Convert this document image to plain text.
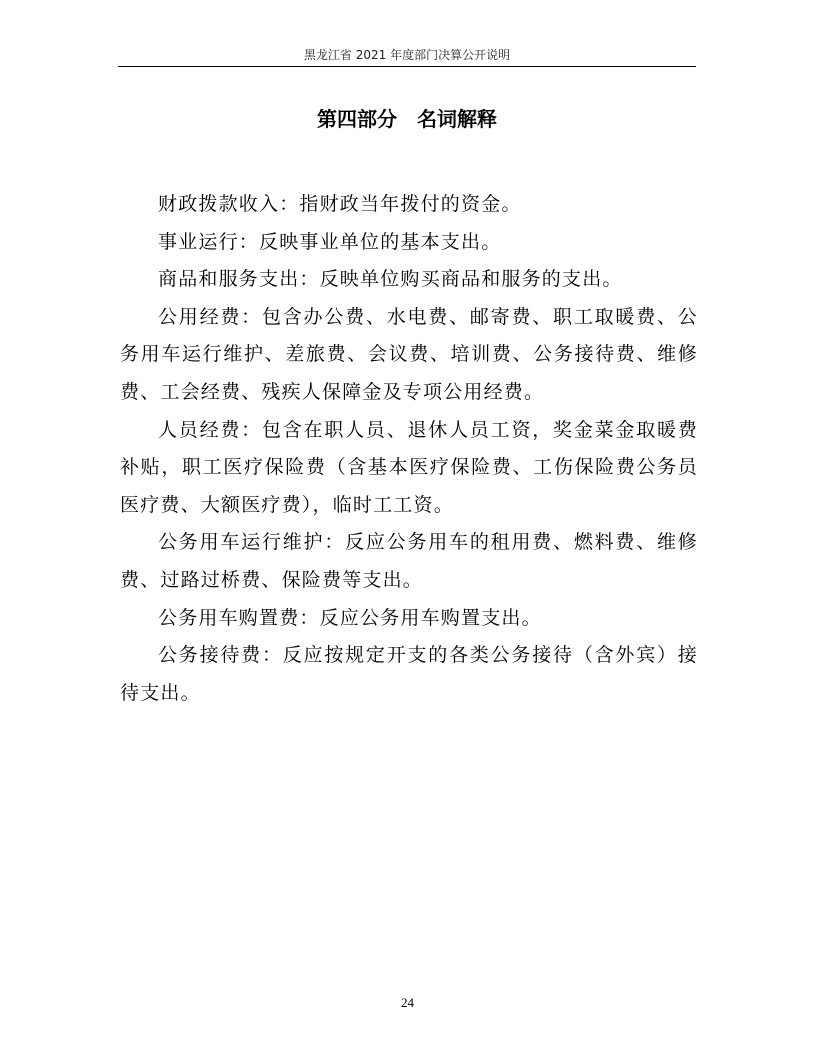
黑龙江省 2021 年度部门决算公开说明
第四部分　名词解释

财政拨款收入：指财政当年拨付的资金。

事业运行：反映事业单位的基本支出。

商品和服务支出：反映单位购买商品和服务的支出。

公用经费：包含办公费、水电费、邮寄费、职工取暖费、公务用车运行维护、差旅费、会议费、培训费、公务接待费、维修费、工会经费、残疾人保障金及专项公用经费。

人员经费：包含在职人员、退休人员工资，奖金菜金取暖费补贴，职工医疗保险费（含基本医疗保险费、工伤保险费公务员医疗费、大额医疗费），临时工工资。

公务用车运行维护：反应公务用车的租用费、燃料费、维修费、过路过桥费、保险费等支出。

公务用车购置费：反应公务用车购置支出。

公务接待费：反应按规定开支的各类公务接待（含外宾）接待支出。

24
